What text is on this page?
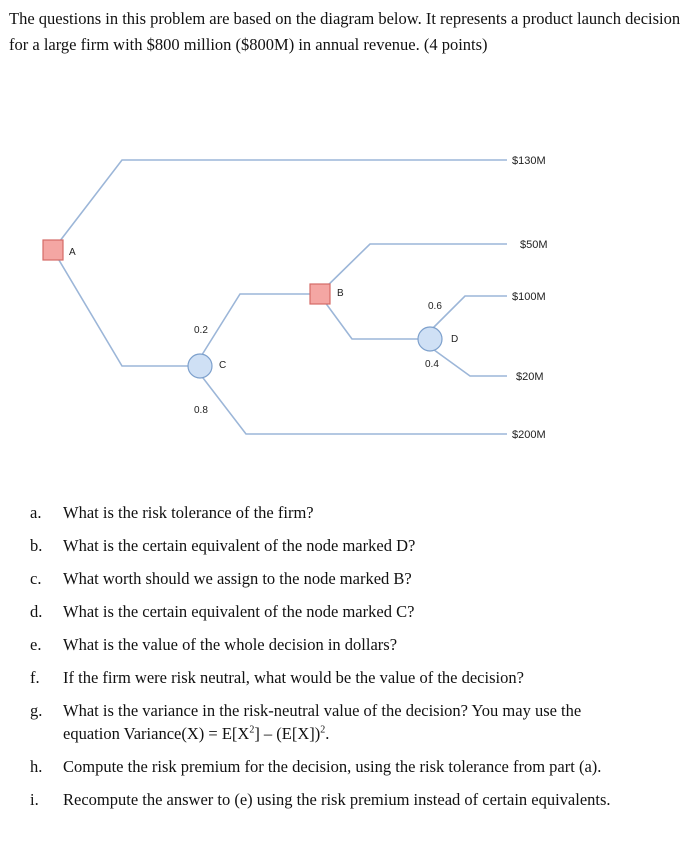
The questions in this problem are based on the diagram below. It represents a product launch decision for a large firm with $800 million ($800M) in annual revenue. (4 points)

A
B
C
D
0.2
0.8
0.6
0.4
$130M
$50M
$100M
$20M
$200M
a. What is the risk tolerance of the firm?
b. What is the certain equivalent of the node marked D?
c. What worth should we assign to the node marked B?
d. What is the certain equivalent of the node marked C?
e. What is the value of the whole decision in dollars?
f. If the firm were risk neutral, what would be the value of the decision?
g. What is the variance in the risk-neutral value of the decision? You may use the
equation Variance(X) = $E[X^2] - (E[X])^2$.
h. Compute the risk premium for the decision, using the risk tolerance from part (a).
i. Recompute the answer to (e) using the risk premium instead of certain equivalents.
